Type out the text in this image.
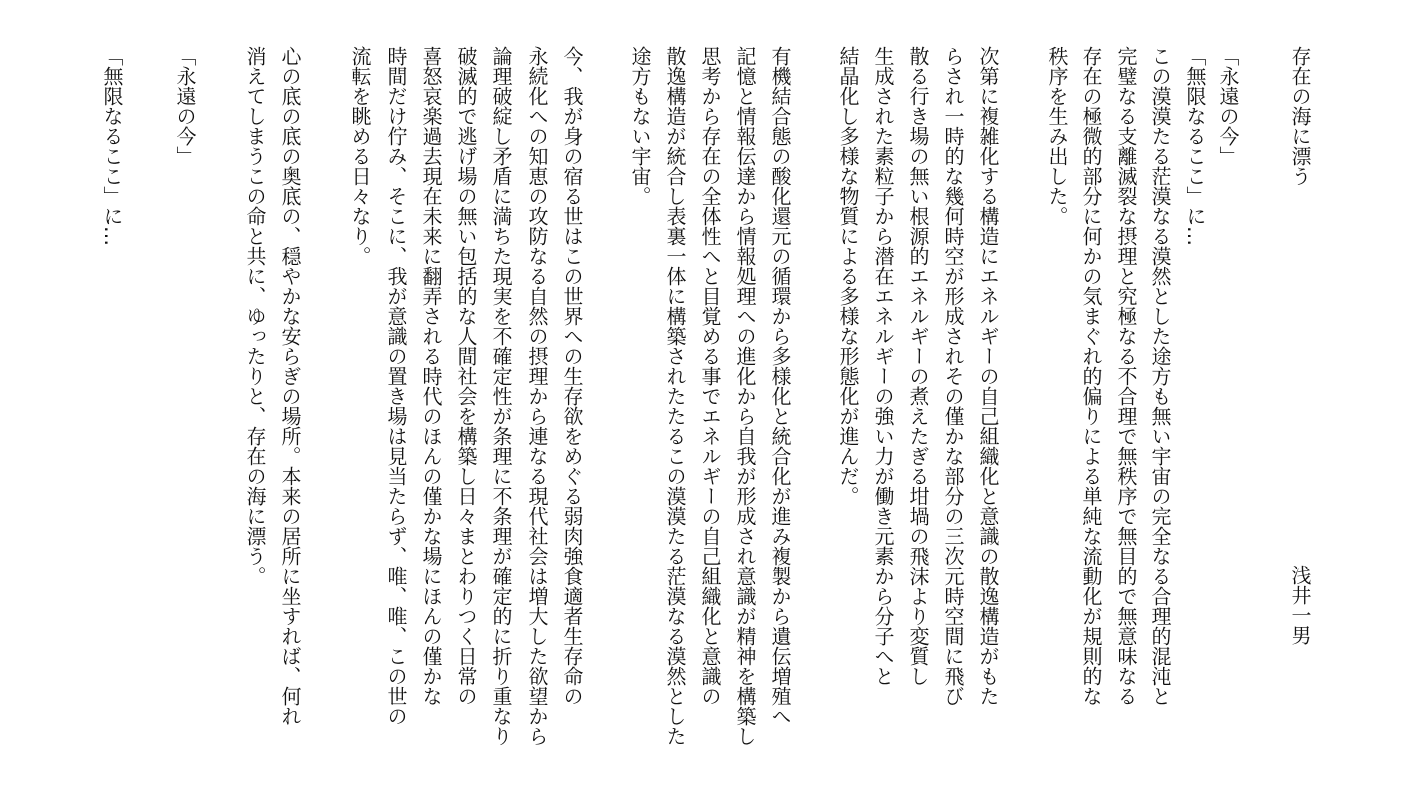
存在の海に漂う
浅井一男
「永遠の今」
「無限なるここ」に…
この漠漠たる茫漠なる漠然とした途方も無い宇宙の完全なる合理的混沌と
完璧なる支離滅裂な摂理と究極なる不合理で無秩序で無目的で無意味なる
存在の極微的部分に何かの気まぐれ的偏りによる単純な流動化が規則的な
秩序を生み出した。
次第に複雑化する構造にエネルギーの自己組織化と意識の散逸構造がもた
らされ一時的な幾何時空が形成されその僅かな部分の三次元時空間に飛び
散る行き場の無い根源的エネルギーの煮えたぎる坩堝の飛沫より変質し
生成された素粒子から潜在エネルギーの強い力が働き元素から分子へと
結晶化し多様な物質による多様な形態化が進んだ。
有機結合態の酸化還元の循環から多様化と統合化が進み複製から遺伝増殖へ
記憶と情報伝達から情報処理への進化から自我が形成され意識が精神を構築し
思考から存在の全体性へと目覚める事でエネルギーの自己組織化と意識の
散逸構造が統合し表裏一体に構築されたたるこの漠漠たる茫漠なる漠然とした
途方もない宇宙。
今、我が身の宿る世はこの世界への生存欲をめぐる弱肉強食適者生存命の
永続化への知恵の攻防なる自然の摂理から連なる現代社会は増大した欲望から
論理破綻し矛盾に満ちた現実を不確定性が条理に不条理が確定的に折り重なり
破滅的で逃げ場の無い包括的な人間社会を構築し日々まとわりつく日常の
喜怒哀楽過去現在未来に翻弄される時代のほんの僅かな場にほんの僅かな
時間だけ佇み、そこに、我が意識の置き場は見当たらず、唯、唯、この世の
流転を眺める日々なり。
心の底の底の奥底の、穏やかな安らぎの場所。本来の居所に坐すれば、何れ
消えてしまうこの命と共に、ゆったりと、存在の海に漂う。
「永遠の今」
「無限なるここ」に…
